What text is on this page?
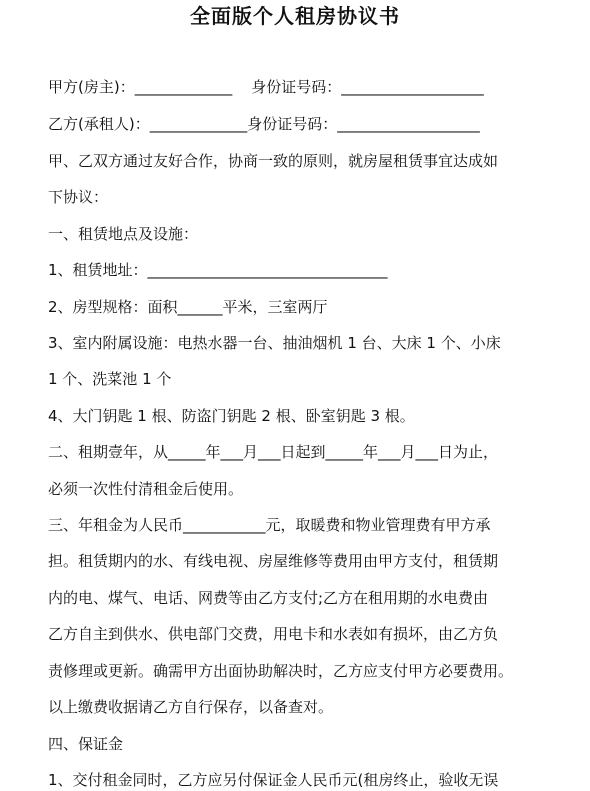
全面版个人租房协议书
甲方(房主)：_____________    身份证号码：___________________
乙方(承租人)：_____________身份证号码：___________________
甲、乙双方通过友好合作，协商一致的原则，就房屋租赁事宜达成如
下协议：
一、租赁地点及设施：
1、租赁地址：________________________________
2、房型规格：面积______平米，三室两厅
3、室内附属设施：电热水器一台、抽油烟机 1 台、大床 1 个、小床
1 个、洗菜池 1 个
4、大门钥匙 1 根、防盗门钥匙 2 根、卧室钥匙 3 根。
二、租期壹年，从_____年___月___日起到_____年___月___日为止，
必须一次性付清租金后使用。
三、年租金为人民币___________元，取暖费和物业管理费有甲方承
担。租赁期内的水、有线电视、房屋维修等费用由甲方支付，租赁期
内的电、煤气、电话、网费等由乙方支付;乙方在租用期的水电费由
乙方自主到供水、供电部门交费，用电卡和水表如有损坏，由乙方负
责修理或更新。确需甲方出面协助解决时，乙方应支付甲方必要费用。
以上缴费收据请乙方自行保存，以备查对。
四、保证金
1、交付租金同时，乙方应另付保证金人民币元(租房终止，验收无误
